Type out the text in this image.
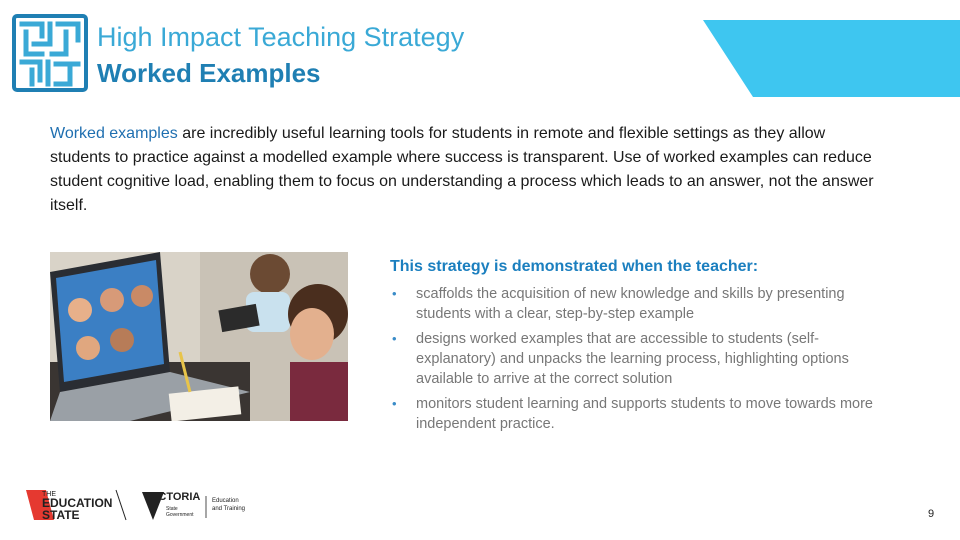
High Impact Teaching Strategy
Worked Examples

Worked examples are incredibly useful learning tools for students in remote and flexible settings as they allow students to practice against a modelled example where success is transparent. Use of worked examples can reduce student cognitive load, enabling them to focus on understanding a process which leads to an answer, not the answer itself.

This strategy is demonstrated when the teacher:
• scaffolds the acquisition of new knowledge and skills by presenting students with a clear, step-by-step example
• designs worked examples that are accessible to students (self-explanatory) and unpacks the learning process, highlighting options available to arrive at the correct solution
• monitors student learning and supports students to move towards more independent practice.
THE
EDUCATION
STATE
VICTORIA
State
Government
Education
and Training	9
